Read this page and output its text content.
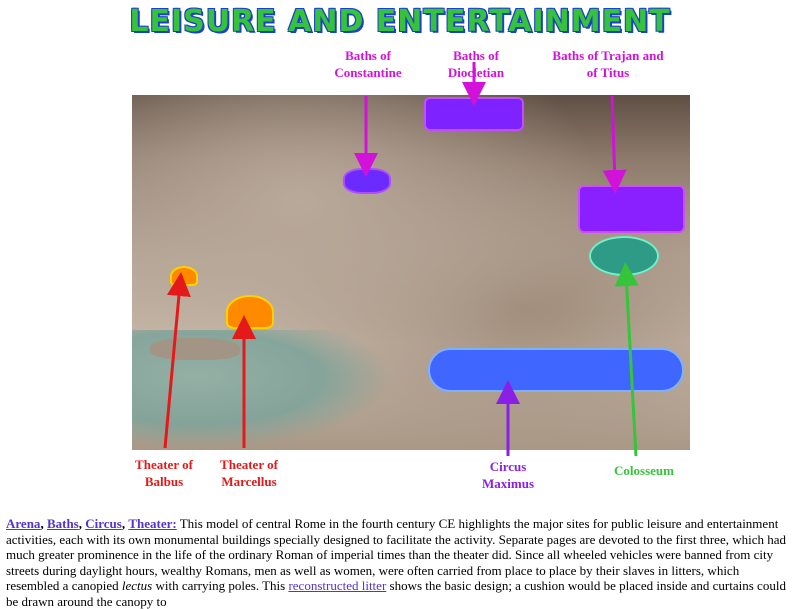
LEISURE AND ENTERTAINMENT
Baths of Constantine
Baths of Diocletian
Baths of Trajan and of Titus
Theater of Balbus
Theater of Marcellus
Circus Maximus
Colosseum
Arena, Baths, Circus, Theater: This model of central Rome in the fourth century CE highlights the major sites for public leisure and entertainment activities, each with its own monumental buildings specially designed to facilitate the activity. Separate pages are devoted to the first three, which had much greater prominence in the life of the ordinary Roman of imperial times than the theater did. Since all wheeled vehicles were banned from city streets during daylight hours, wealthy Romans, men as well as women, were often carried from place to place by their slaves in litters, which resembled a canopied lectus with carrying poles. This reconstructed litter shows the basic design; a cushion would be placed inside and curtains could be drawn around the canopy to
